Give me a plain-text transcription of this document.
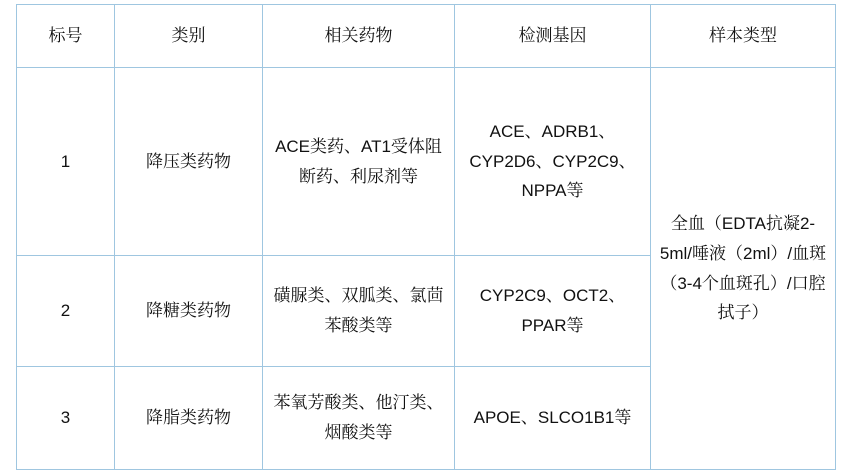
标号	类别	相关药物	检测基因	样本类型
1	降压类药物	ACE类药、AT1受体阻断药、利尿剂等	ACE、ADRB1、CYP2D6、CYP2C9、NPPA等	全血（EDTA抗凝2-5ml/唾液（2ml）/血斑（3-4个血斑孔）/口腔拭子）
2	降糖类药物	磺脲类、双胍类、氯茴苯酸类等	CYP2C9、OCT2、PPAR等	
3	降脂类药物	苯氧芳酸类、他汀类、烟酸类等	APOE、SLCO1B1等	
